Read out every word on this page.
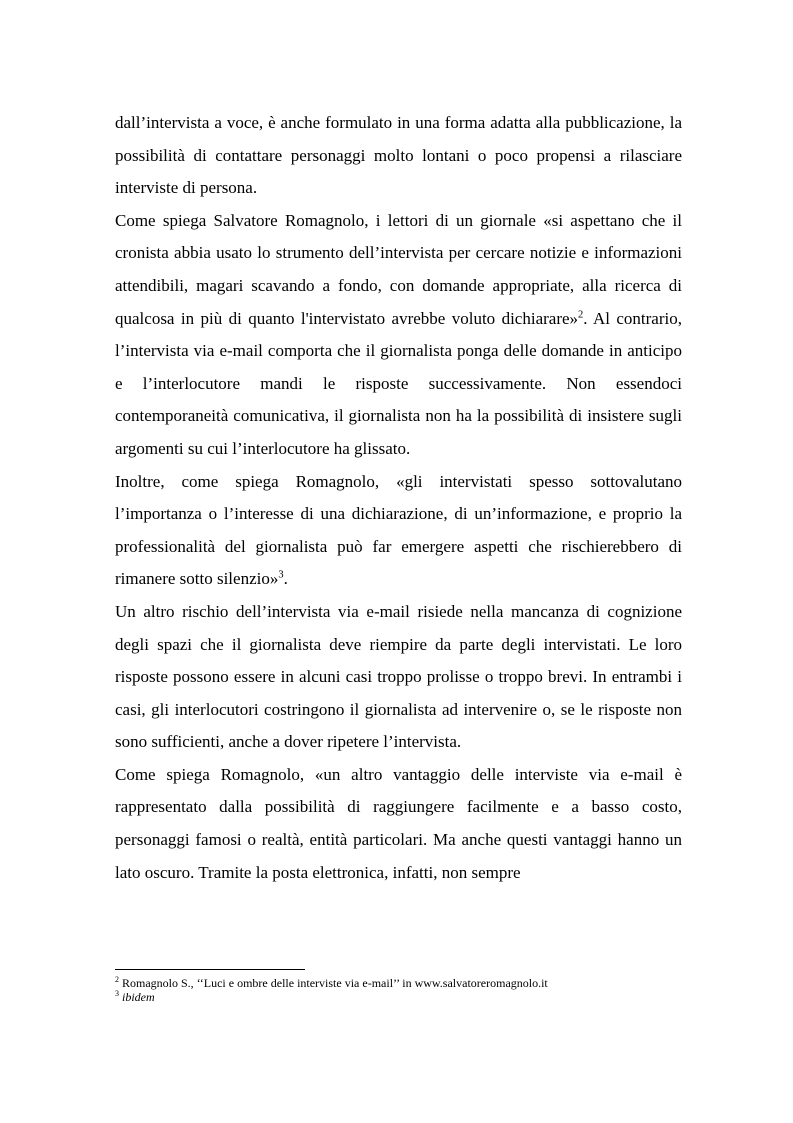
dall’intervista a voce, è anche formulato in una forma adatta alla pubblicazione, la possibilità di contattare personaggi molto lontani o poco propensi a rilasciare interviste di persona.

Come spiega Salvatore Romagnolo, i lettori di un giornale «si aspettano che il cronista abbia usato lo strumento dell’intervista per cercare notizie e informazioni attendibili, magari scavando a fondo, con domande appropriate, alla ricerca di qualcosa in più di quanto l'intervistato avrebbe voluto dichiarare»$^2$. Al contrario, l’intervista via e-mail comporta che il giornalista ponga delle domande in anticipo e l’interlocutore mandi le risposte successivamente. Non essendoci contemporaneità comunicativa, il giornalista non ha la possibilità di insistere sugli argomenti su cui l’interlocutore ha glissato.

Inoltre, come spiega Romagnolo, «gli intervistati spesso sottovalutano l’importanza o l’interesse di una dichiarazione, di un’informazione, e proprio la professionalità del giornalista può far emergere aspetti che rischierebbero di rimanere sotto silenzio»$^3$.

Un altro rischio dell’intervista via e-mail risiede nella mancanza di cognizione degli spazi che il giornalista deve riempire da parte degli intervistati. Le loro risposte possono essere in alcuni casi troppo prolisse o troppo brevi. In entrambi i casi, gli interlocutori costringono il giornalista ad intervenire o, se le risposte non sono sufficienti, anche a dover ripetere l’intervista.

Come spiega Romagnolo, «un altro vantaggio delle interviste via e-mail è rappresentato dalla possibilità di raggiungere facilmente e a basso costo, personaggi famosi o realtà, entità particolari. Ma anche questi vantaggi hanno un lato oscuro. Tramite la posta elettronica, infatti, non sempre

$^2$ Romagnolo S., ‘‘Luci e ombre delle interviste via e-mail’’ in www.salvatoreromagnolo.it
$^3$ ibidem
